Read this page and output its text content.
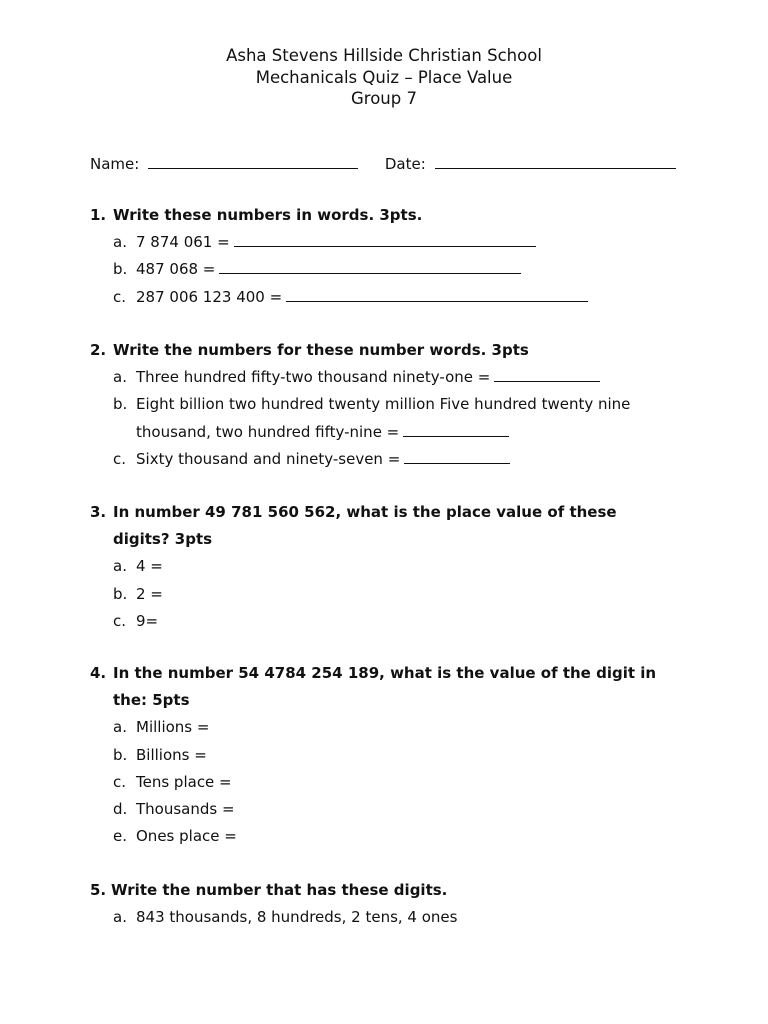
Asha Stevens Hillside Christian School
Mechanicals Quiz – Place Value
Group 7
Name:	Date:
1. Write these numbers in words. 3pts.
a. 7 874 061 =
b. 487 068 =
c. 287 006 123 400 =
2. Write the numbers for these number words. 3pts
a. Three hundred fifty-two thousand ninety-one =
b. Eight billion two hundred twenty million Five hundred twenty nine
thousand, two hundred fifty-nine =
c. Sixty thousand and ninety-seven =
3. In number 49 781 560 562, what is the place value of these
digits? 3pts
a. 4 =
b. 2 =
c. 9=
4. In the number 54 4784 254 189, what is the value of the digit in
the: 5pts
a. Millions =
b. Billions =
c. Tens place =
d. Thousands =
e. Ones place =
5. Write the number that has these digits.
a. 843 thousands, 8 hundreds, 2 tens, 4 ones
